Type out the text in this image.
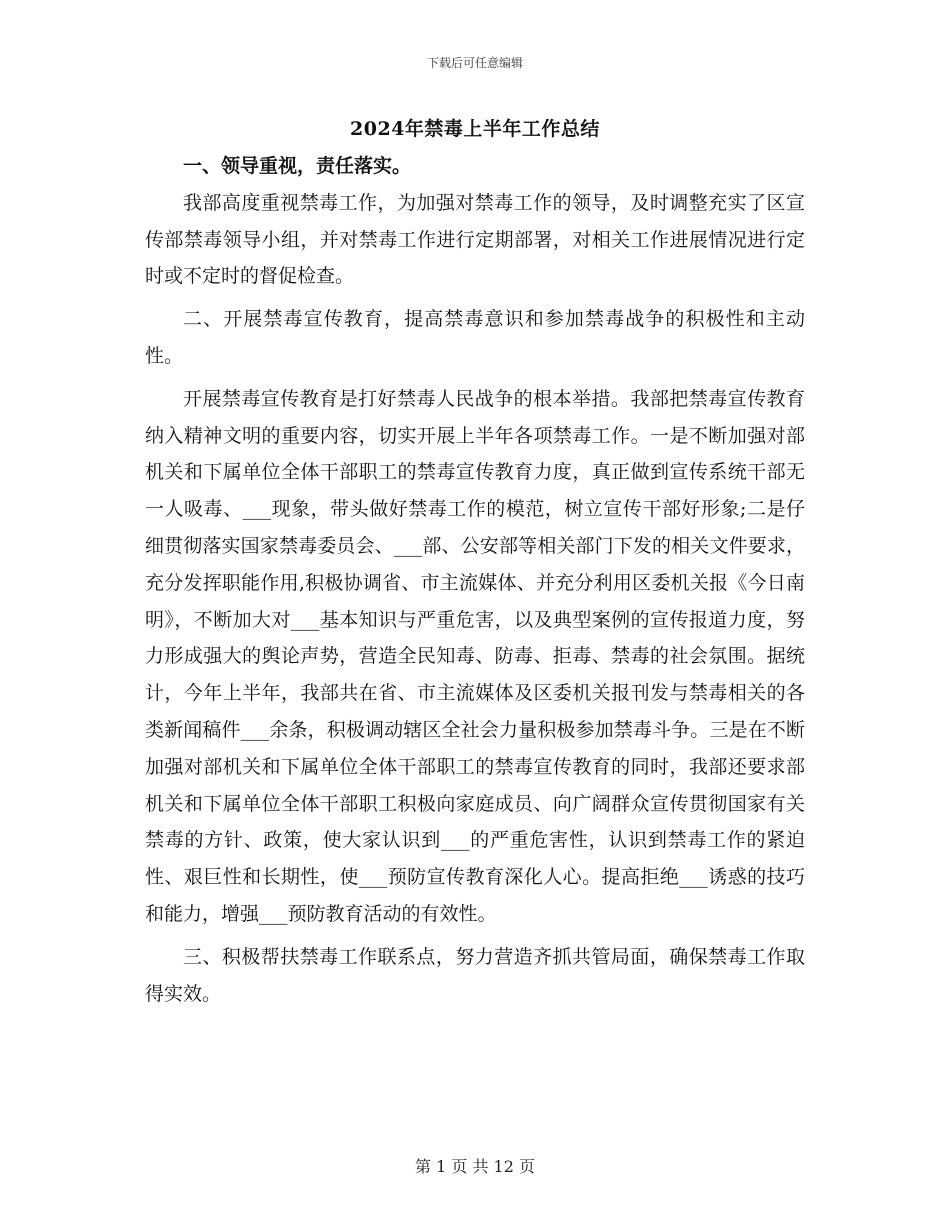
下载后可任意编辑
2024年禁毒上半年工作总结

一、领导重视，责任落实。

我部高度重视禁毒工作，为加强对禁毒工作的领导，及时调整充实了区宣传部禁毒领导小组，并对禁毒工作进行定期部署，对相关工作进展情况进行定时或不定时的督促检查。

二、开展禁毒宣传教育，提高禁毒意识和参加禁毒战争的积极性和主动性。

开展禁毒宣传教育是打好禁毒人民战争的根本举措。我部把禁毒宣传教育纳入精神文明的重要内容，切实开展上半年各项禁毒工作。一是不断加强对部机关和下属单位全体干部职工的禁毒宣传教育力度，真正做到宣传系统干部无一人吸毒、___现象，带头做好禁毒工作的模范，树立宣传干部好形象;二是仔细贯彻落实国家禁毒委员会、___部、公安部等相关部门下发的相关文件要求，充分发挥职能作用,积极协调省、市主流媒体、并充分利用区委机关报《今日南明》，不断加大对___基本知识与严重危害，以及典型案例的宣传报道力度，努力形成强大的舆论声势，营造全民知毒、防毒、拒毒、禁毒的社会氛围。据统计，今年上半年，我部共在省、市主流媒体及区委机关报刊发与禁毒相关的各类新闻稿件___余条，积极调动辖区全社会力量积极参加禁毒斗争。三是在不断加强对部机关和下属单位全体干部职工的禁毒宣传教育的同时，我部还要求部机关和下属单位全体干部职工积极向家庭成员、向广阔群众宣传贯彻国家有关禁毒的方针、政策，使大家认识到___的严重危害性，认识到禁毒工作的紧迫性、艰巨性和长期性，使___预防宣传教育深化人心。提高拒绝___诱惑的技巧和能力，增强___预防教育活动的有效性。

三、积极帮扶禁毒工作联系点，努力营造齐抓共管局面，确保禁毒工作取得实效。

第 1 页 共 12 页
